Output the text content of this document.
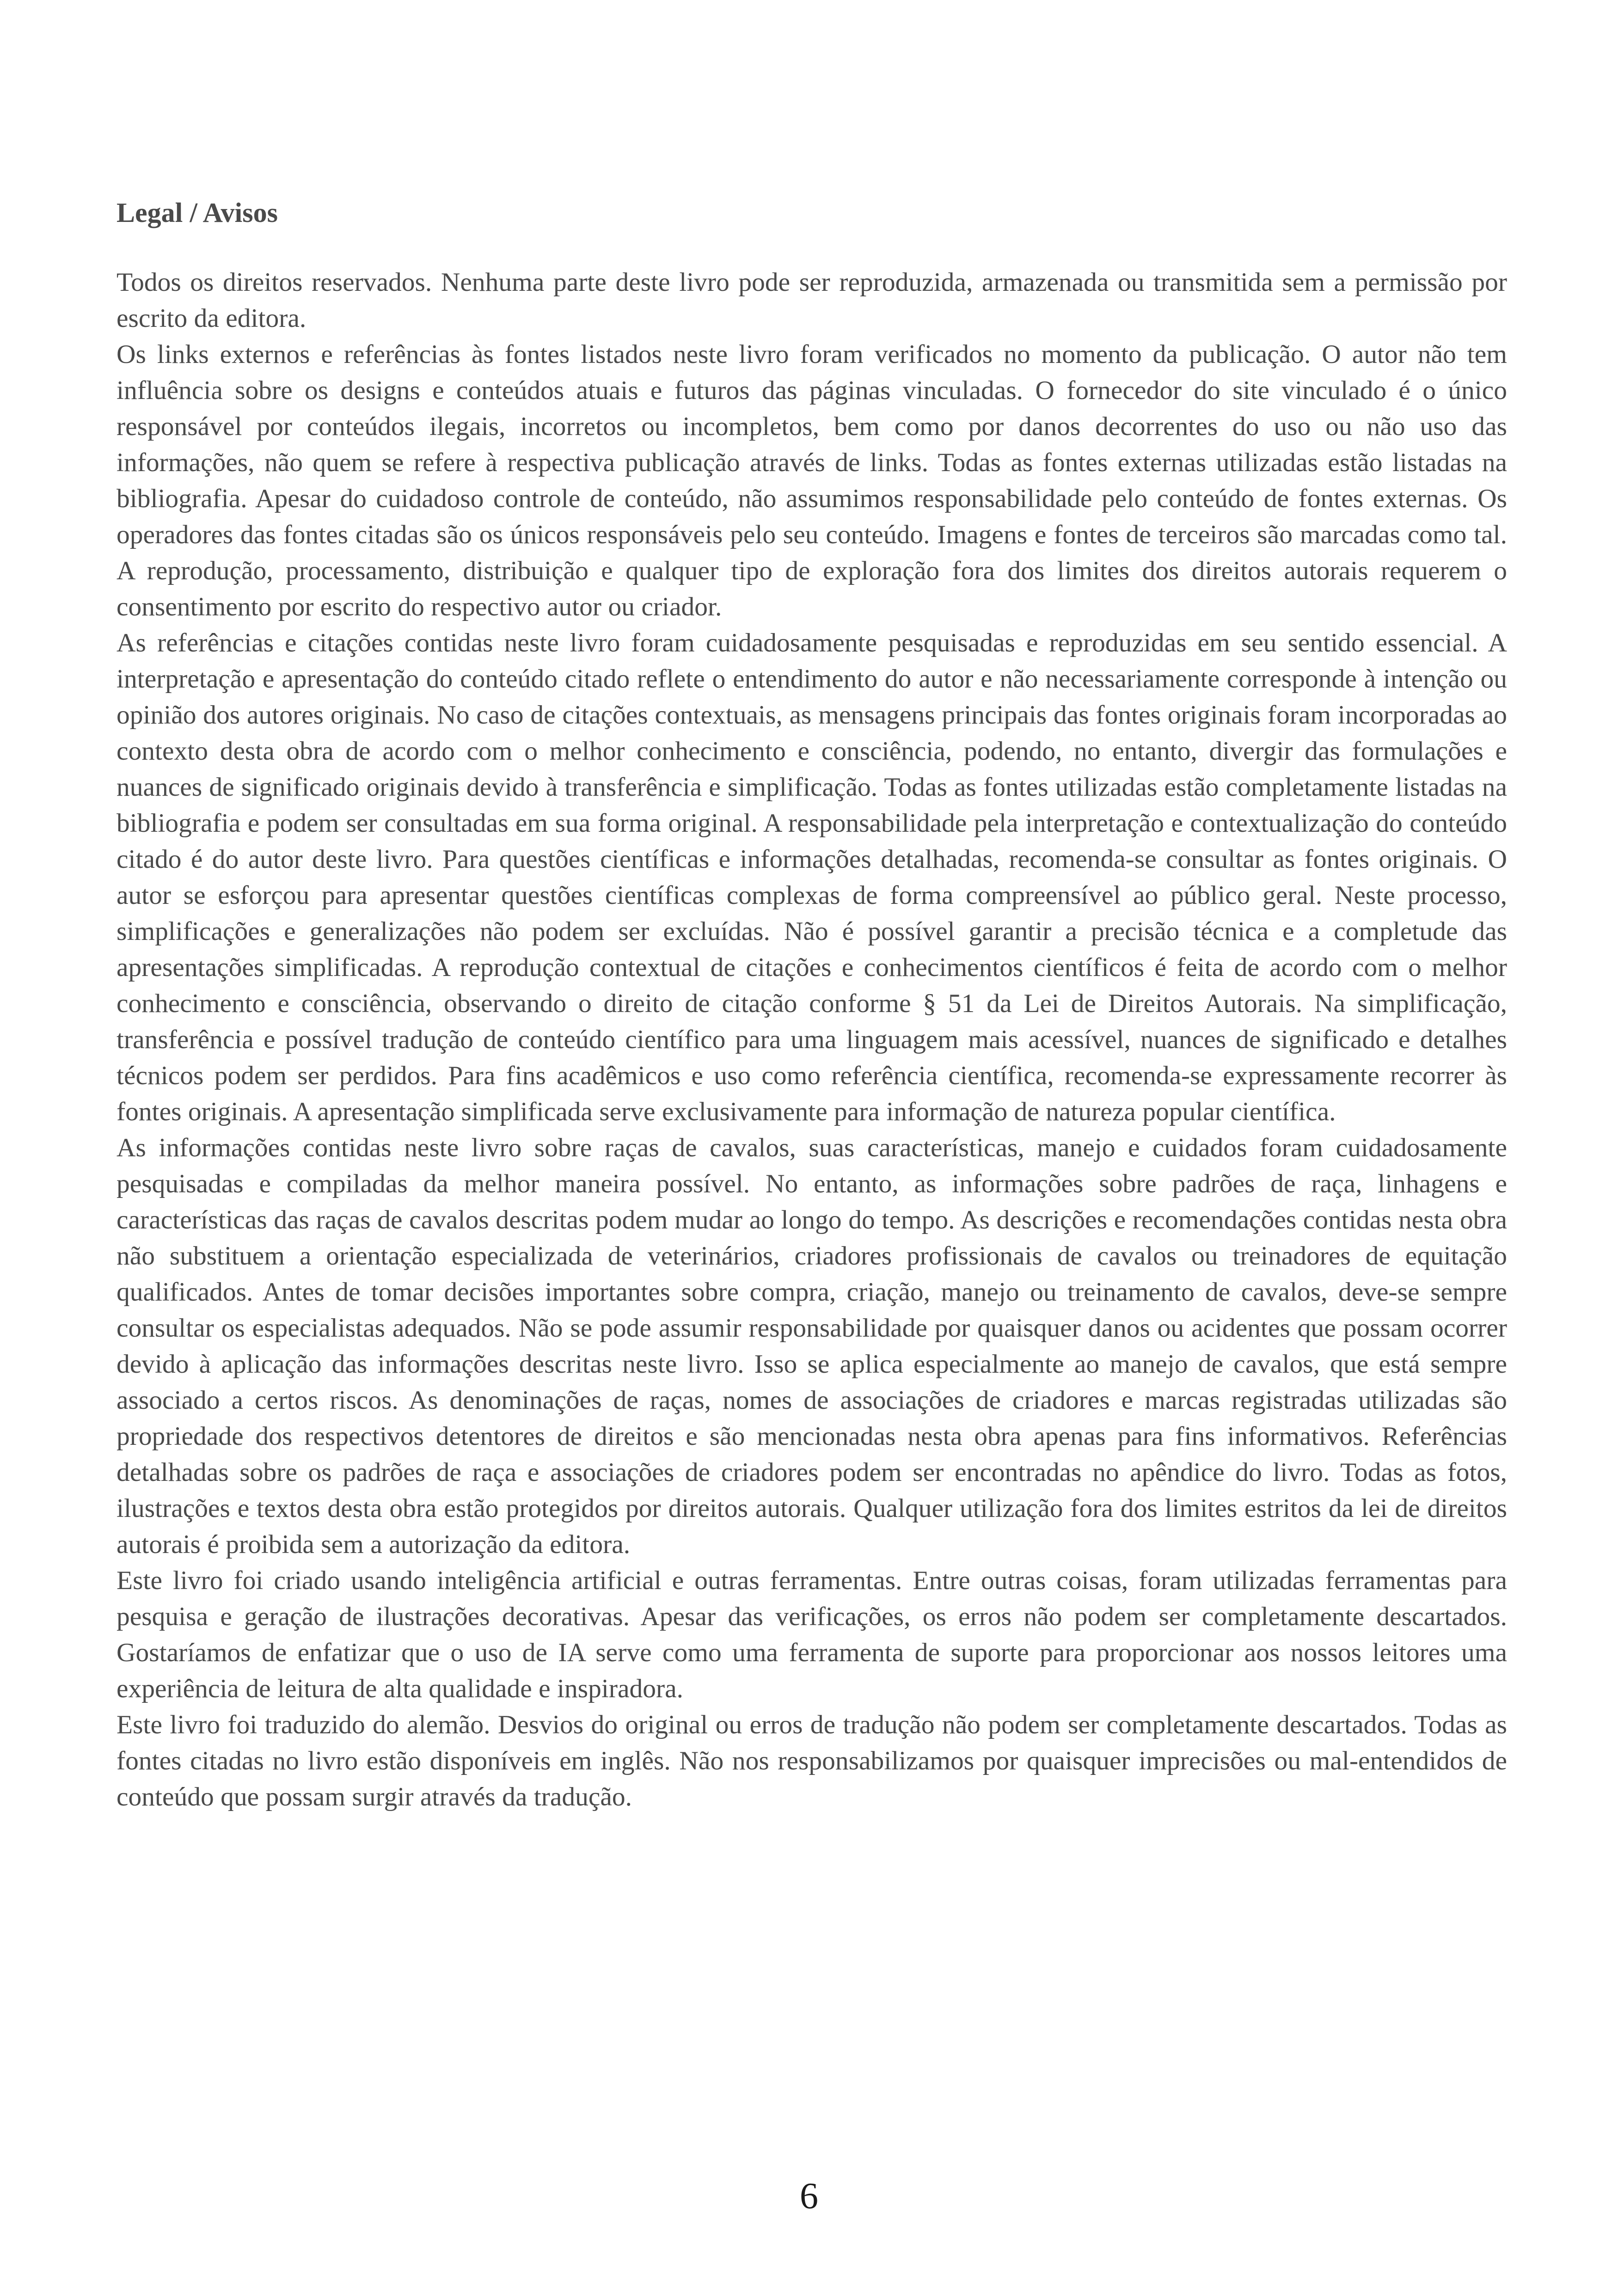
Legal / Avisos

Todos os direitos reservados. Nenhuma parte deste livro pode ser reproduzida, armazenada ou transmitida sem a permissão por escrito da editora.

Os links externos e referências às fontes listados neste livro foram verificados no momento da publicação. O autor não tem influência sobre os designs e conteúdos atuais e futuros das páginas vinculadas. O fornecedor do site vinculado é o único responsável por conteúdos ilegais, incorretos ou incompletos, bem como por danos decorrentes do uso ou não uso das informações, não quem se refere à respectiva publicação através de links. Todas as fontes externas utilizadas estão listadas na bibliografia. Apesar do cuidadoso controle de conteúdo, não assumimos responsabilidade pelo conteúdo de fontes externas. Os operadores das fontes citadas são os únicos responsáveis pelo seu conteúdo. Imagens e fontes de terceiros são marcadas como tal. A reprodução, processamento, distribuição e qualquer tipo de exploração fora dos limites dos direitos autorais requerem o consentimento por escrito do respectivo autor ou criador.

As referências e citações contidas neste livro foram cuidadosamente pesquisadas e reproduzidas em seu sentido essencial. A interpretação e apresentação do conteúdo citado reflete o entendimento do autor e não necessariamente corresponde à intenção ou opinião dos autores originais. No caso de citações contextuais, as mensagens principais das fontes originais foram incorporadas ao contexto desta obra de acordo com o melhor conhecimento e consciência, podendo, no entanto, divergir das formulações e nuances de significado originais devido à transferência e simplificação. Todas as fontes utilizadas estão completamente listadas na bibliografia e podem ser consultadas em sua forma original. A responsabilidade pela interpretação e contextualização do conteúdo citado é do autor deste livro. Para questões científicas e informações detalhadas, recomenda-se consultar as fontes originais. O autor se esforçou para apresentar questões científicas complexas de forma compreensível ao público geral. Neste processo, simplificações e generalizações não podem ser excluídas. Não é possível garantir a precisão técnica e a completude das apresentações simplificadas. A reprodução contextual de citações e conhecimentos científicos é feita de acordo com o melhor conhecimento e consciência, observando o direito de citação conforme § 51 da Lei de Direitos Autorais. Na simplificação, transferência e possível tradução de conteúdo científico para uma linguagem mais acessível, nuances de significado e detalhes técnicos podem ser perdidos. Para fins acadêmicos e uso como referência científica, recomenda-se expressamente recorrer às fontes originais. A apresentação simplificada serve exclusivamente para informação de natureza popular científica.

As informações contidas neste livro sobre raças de cavalos, suas características, manejo e cuidados foram cuidadosamente pesquisadas e compiladas da melhor maneira possível. No entanto, as informações sobre padrões de raça, linhagens e características das raças de cavalos descritas podem mudar ao longo do tempo. As descrições e recomendações contidas nesta obra não substituem a orientação especializada de veterinários, criadores profissionais de cavalos ou treinadores de equitação qualificados. Antes de tomar decisões importantes sobre compra, criação, manejo ou treinamento de cavalos, deve-se sempre consultar os especialistas adequados. Não se pode assumir responsabilidade por quaisquer danos ou acidentes que possam ocorrer devido à aplicação das informações descritas neste livro. Isso se aplica especialmente ao manejo de cavalos, que está sempre associado a certos riscos. As denominações de raças, nomes de associações de criadores e marcas registradas utilizadas são propriedade dos respectivos detentores de direitos e são mencionadas nesta obra apenas para fins informativos. Referências detalhadas sobre os padrões de raça e associações de criadores podem ser encontradas no apêndice do livro. Todas as fotos, ilustrações e textos desta obra estão protegidos por direitos autorais. Qualquer utilização fora dos limites estritos da lei de direitos autorais é proibida sem a autorização da editora.

Este livro foi criado usando inteligência artificial e outras ferramentas. Entre outras coisas, foram utilizadas ferramentas para pesquisa e geração de ilustrações decorativas. Apesar das verificações, os erros não podem ser completamente descartados. Gostaríamos de enfatizar que o uso de IA serve como uma ferramenta de suporte para proporcionar aos nossos leitores uma experiência de leitura de alta qualidade e inspiradora.

Este livro foi traduzido do alemão. Desvios do original ou erros de tradução não podem ser completamente descartados. Todas as fontes citadas no livro estão disponíveis em inglês. Não nos responsabilizamos por quaisquer imprecisões ou mal-entendidos de conteúdo que possam surgir através da tradução.

6
